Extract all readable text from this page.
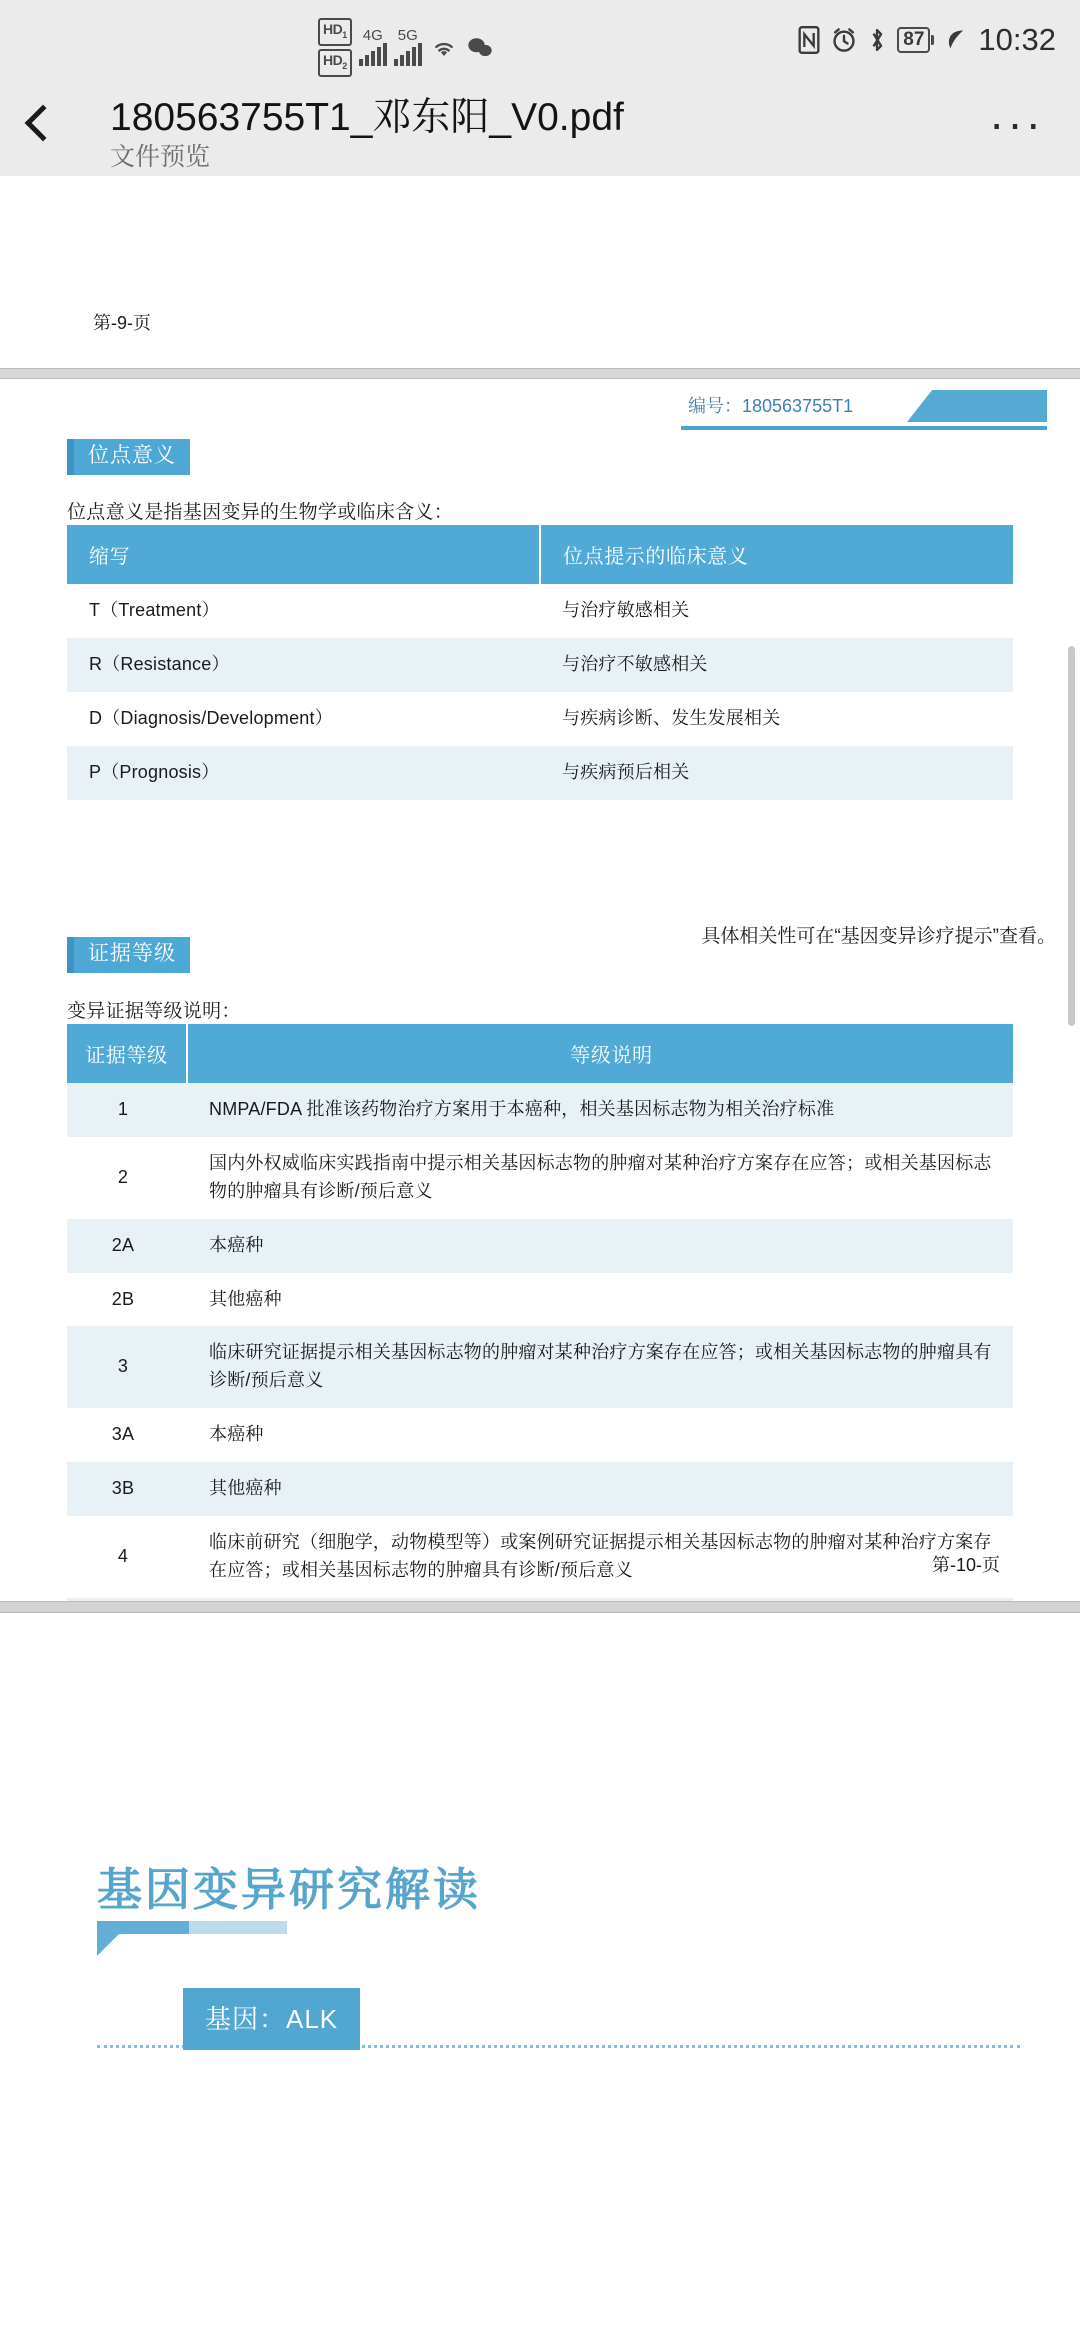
$HD_1$
$HD_2$
4G 5G	87 10:32
180563755T1_邓东阳_V0.pdf
文件预览
···
第-9-页
编号：180563755T1
位点意义
位点意义是指基因变异的生物学或临床含义：
缩写	位点提示的临床意义
T（Treatment）	与治疗敏感相关
R（Resistance）	与治疗不敏感相关
D（Diagnosis/Development）	与疾病诊断、发生发展相关
P（Prognosis）	与疾病预后相关
具体相关性可在“基因变异诊疗提示”查看。
证据等级
变异证据等级说明：
证据等级	等级说明
1	NMPA/FDA 批准该药物治疗方案用于本癌种，相关基因标志物为相关治疗标准
2	国内外权威临床实践指南中提示相关基因标志物的肿瘤对某种治疗方案存在应答；或相关基因标志物的肿瘤具有诊断/预后意义
2A	本癌种
2B	其他癌种
3	临床研究证据提示相关基因标志物的肿瘤对某种治疗方案存在应答；或相关基因标志物的肿瘤具有诊断/预后意义
3A	本癌种
3B	其他癌种
4	临床前研究（细胞学，动物模型等）或案例研究证据提示相关基因标志物的肿瘤对某种治疗方案存在应答；或相关基因标志物的肿瘤具有诊断/预后意义

		第-10-页
基因变异研究解读
基因：ALK
